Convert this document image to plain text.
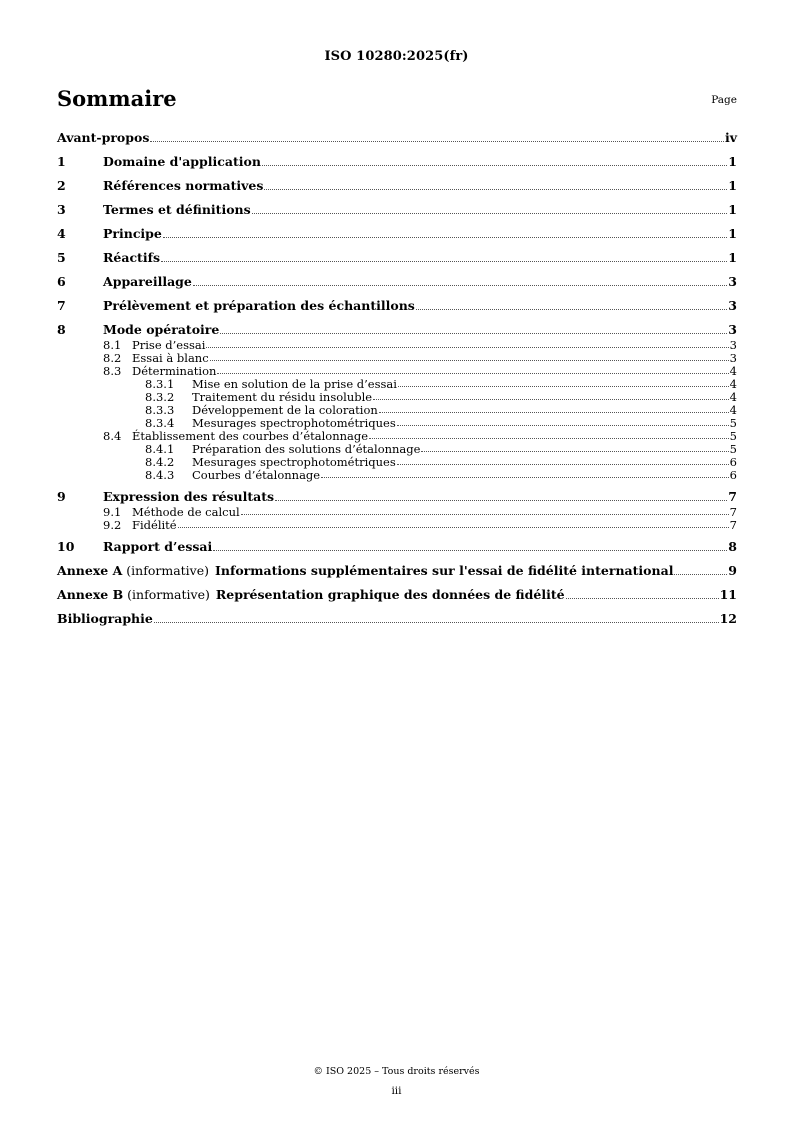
ISO 10280:2025(fr)
Sommaire	Page
Avant-propos	iv
1	Domaine d'application	1
2	Références normatives	1
3	Termes et définitions	1
4	Principe	1
5	Réactifs	1
6	Appareillage	3
7	Prélèvement et préparation des échantillons	3
8	Mode opératoire	3
8.1 Prise d’essai	3
8.2 Essai à blanc	3
8.3 Détermination	4
8.3.1	Mise en solution de la prise d’essai	4
8.3.2	Traitement du résidu insoluble	4
8.3.3	Développement de la coloration	4
8.3.4	Mesurages spectrophotométriques	5
8.4 Établissement des courbes d’étalonnage	5
8.4.1	Préparation des solutions d’étalonnage	5
8.4.2	Mesurages spectrophotométriques	6
8.4.3	Courbes d’étalonnage	6
9	Expression des résultats	7
9.1 Méthode de calcul	7
9.2 Fidélité	7
10	Rapport d’essai	8
Annexe A (informative) Informations supplémentaires sur l'essai de fidélité international	9
Annexe B (informative) Représentation graphique des données de fidélité	11
Bibliographie	12
© ISO 2025 – Tous droits réservés
iii
